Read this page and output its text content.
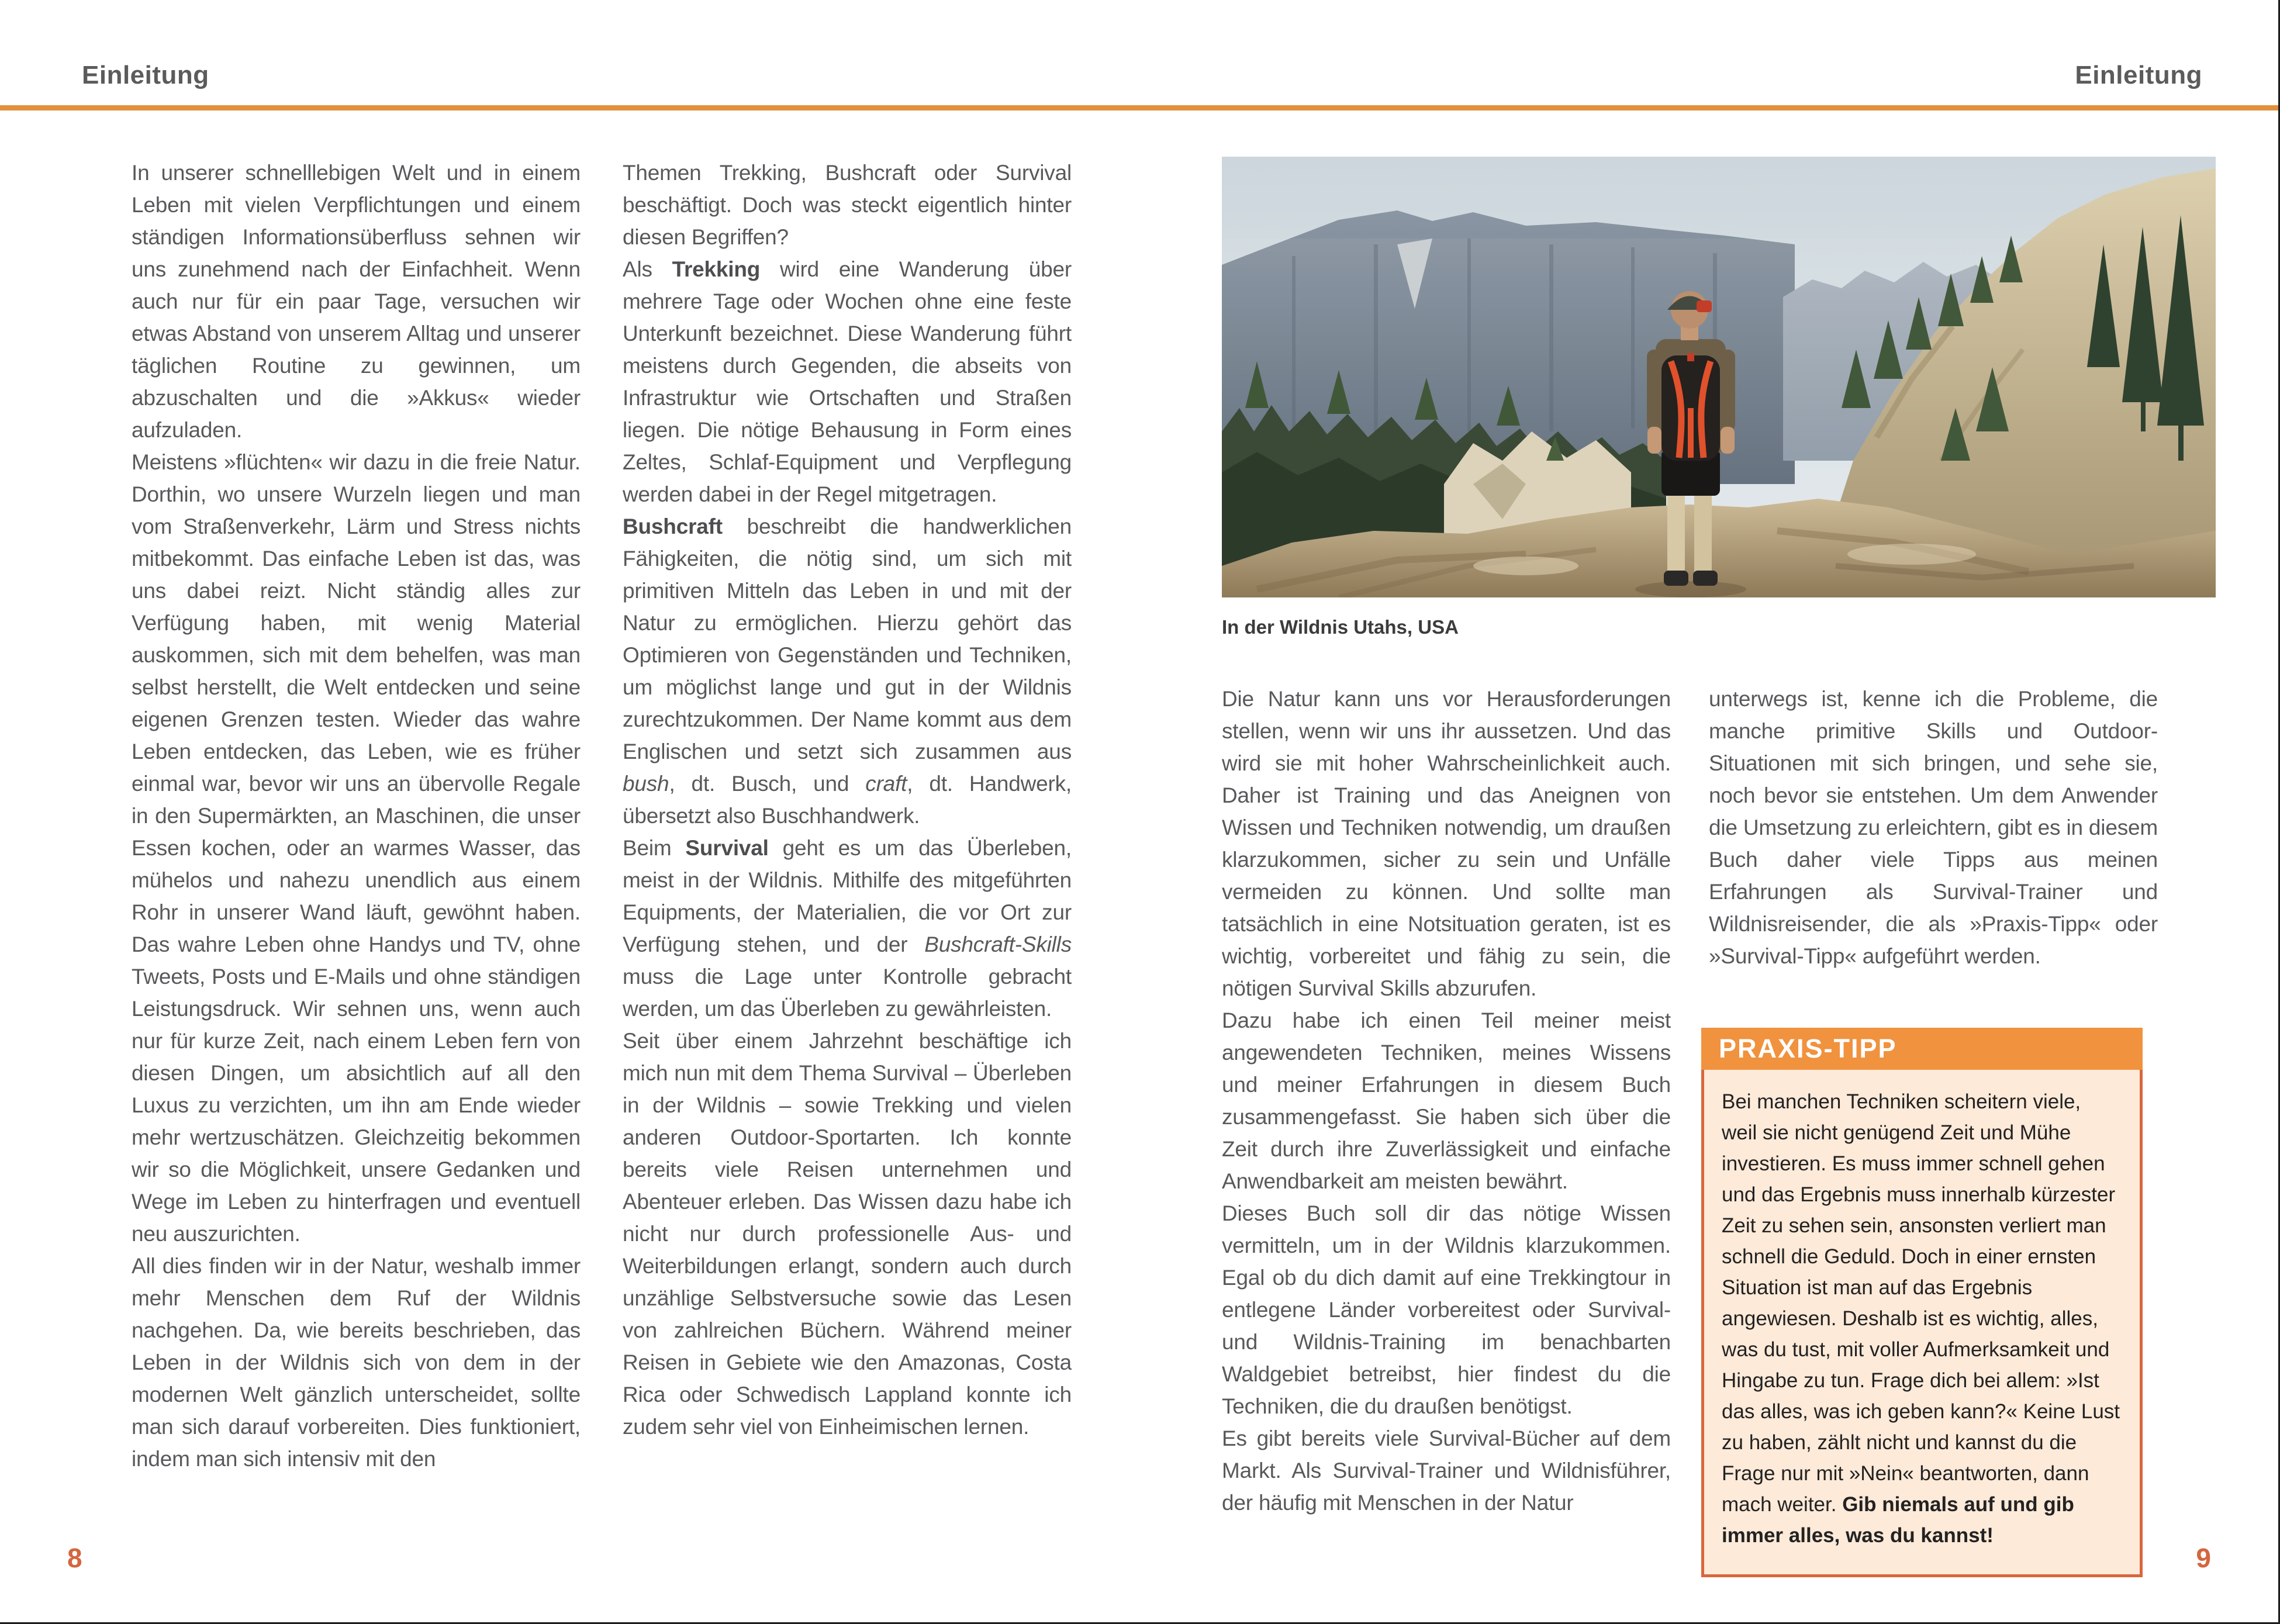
Einleitung	Einleitung

In unserer schnelllebigen Welt und in einem Leben mit vielen Verpflichtungen und einem ständigen Informationsüberfluss sehnen wir uns zunehmend nach der Einfachheit. Wenn auch nur für ein paar Tage, versuchen wir etwas Abstand von unserem Alltag und unserer täglichen Routine zu gewinnen, um abzuschalten und die »Akkus« wieder aufzuladen.

Meistens »flüchten« wir dazu in die freie Natur. Dorthin, wo unsere Wurzeln liegen und man vom Straßenverkehr, Lärm und Stress nichts mitbekommt. Das einfache Leben ist das, was uns dabei reizt. Nicht ständig alles zur Verfügung haben, mit wenig Material auskommen, sich mit dem behelfen, was man selbst herstellt, die Welt entdecken und seine eigenen Grenzen testen. Wieder das wahre Leben entdecken, das Leben, wie es früher einmal war, bevor wir uns an übervolle Regale in den Supermärkten, an Maschinen, die unser Essen kochen, oder an warmes Wasser, das mühelos und nahezu unendlich aus einem Rohr in unserer Wand läuft, gewöhnt haben. Das wahre Leben ohne Handys und TV, ohne Tweets, Posts und E-Mails und ohne ständigen Leistungsdruck. Wir sehnen uns, wenn auch nur für kurze Zeit, nach einem Leben fern von diesen Dingen, um absichtlich auf all den Luxus zu verzichten, um ihn am Ende wieder mehr wertzuschätzen. Gleichzeitig bekommen wir so die Möglichkeit, unsere Gedanken und Wege im Leben zu hinterfragen und eventuell neu auszurichten.

All dies finden wir in der Natur, weshalb immer mehr Menschen dem Ruf der Wildnis nachgehen. Da, wie bereits beschrieben, das Leben in der Wildnis sich von dem in der modernen Welt gänzlich unterscheidet, sollte man sich darauf vorbereiten. Dies funktioniert, indem man sich intensiv mit den

Themen Trekking, Bushcraft oder Survival beschäftigt. Doch was steckt eigentlich hinter diesen Begriffen?

Als Trekking wird eine Wanderung über mehrere Tage oder Wochen ohne eine feste Unterkunft bezeichnet. Diese Wanderung führt meistens durch Gegenden, die abseits von Infrastruktur wie Ortschaften und Straßen liegen. Die nötige Behausung in Form eines Zeltes, Schlaf-Equipment und Verpflegung werden dabei in der Regel mitgetragen.

Bushcraft beschreibt die handwerklichen Fähigkeiten, die nötig sind, um sich mit primitiven Mitteln das Leben in und mit der Natur zu ermöglichen. Hierzu gehört das Optimieren von Gegenständen und Techniken, um möglichst lange und gut in der Wildnis zurechtzukommen. Der Name kommt aus dem Englischen und setzt sich zusammen aus bush, dt. Busch, und craft, dt. Handwerk, übersetzt also Buschhandwerk.

Beim Survival geht es um das Überleben, meist in der Wildnis. Mithilfe des mitgeführten Equipments, der Materialien, die vor Ort zur Verfügung stehen, und der Bushcraft-Skills muss die Lage unter Kontrolle gebracht werden, um das Überleben zu gewährleisten.

Seit über einem Jahrzehnt beschäftige ich mich nun mit dem Thema Survival – Überleben in der Wildnis – sowie Trekking und vielen anderen Outdoor-Sportarten. Ich konnte bereits viele Reisen unternehmen und Abenteuer erleben. Das Wissen dazu habe ich nicht nur durch professionelle Aus- und Weiterbildungen erlangt, sondern auch durch unzählige Selbstversuche sowie das Lesen von zahlreichen Büchern. Während meiner Reisen in Gebiete wie den Amazonas, Costa Rica oder Schwedisch Lappland konnte ich zudem sehr viel von Einheimischen lernen.

8
In der Wildnis Utahs, USA

Die Natur kann uns vor Herausforderungen stellen, wenn wir uns ihr aussetzen. Und das wird sie mit hoher Wahrscheinlichkeit auch. Daher ist Training und das Aneignen von Wissen und Techniken notwendig, um draußen klarzukommen, sicher zu sein und Unfälle vermeiden zu können. Und sollte man tatsächlich in eine Notsituation geraten, ist es wichtig, vorbereitet und fähig zu sein, die nötigen Survival Skills abzurufen.

Dazu habe ich einen Teil meiner meist angewendeten Techniken, meines Wissens und meiner Erfahrungen in diesem Buch zusammengefasst. Sie haben sich über die Zeit durch ihre Zuverlässigkeit und einfache Anwendbarkeit am meisten bewährt.

Dieses Buch soll dir das nötige Wissen vermitteln, um in der Wildnis klarzukommen. Egal ob du dich damit auf eine Trekkingtour in entlegene Länder vorbereitest oder Survival- und Wildnis-Training im benachbarten Waldgebiet betreibst, hier findest du die Techniken, die du draußen benötigst.

Es gibt bereits viele Survival-Bücher auf dem Markt. Als Survival-Trainer und Wildnisführer, der häufig mit Menschen in der Natur

unterwegs ist, kenne ich die Probleme, die manche primitive Skills und Outdoor-Situationen mit sich bringen, und sehe sie, noch bevor sie entstehen. Um dem Anwender die Umsetzung zu erleichtern, gibt es in diesem Buch daher viele Tipps aus meinen Erfahrungen als Survival-Trainer und Wildnisreisender, die als »Praxis-Tipp« oder »Survival-Tipp« aufgeführt werden.

PRAXIS-TIPP

Bei manchen Techniken scheitern viele, weil sie nicht genügend Zeit und Mühe investieren. Es muss immer schnell gehen und das Ergebnis muss innerhalb kürzester Zeit zu sehen sein, ansonsten verliert man schnell die Geduld. Doch in einer ernsten Situation ist man auf das Ergebnis angewiesen. Deshalb ist es wichtig, alles, was du tust, mit voller Aufmerksamkeit und Hingabe zu tun. Frage dich bei allem: »Ist das alles, was ich geben kann?« Keine Lust zu haben, zählt nicht und kannst du die Frage nur mit »Nein« beantworten, dann mach weiter. Gib niemals auf und gib immer alles, was du kannst!

9
